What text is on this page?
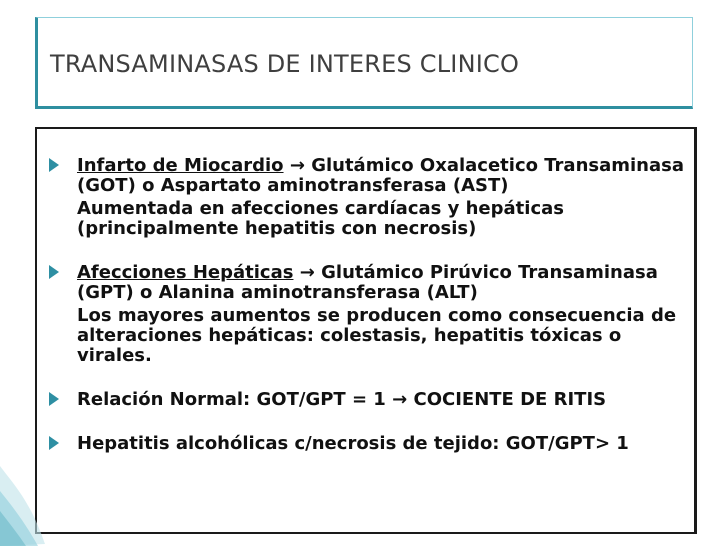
TRANSAMINASAS DE INTERES CLINICO
Infarto de Miocardio → Glutámico Oxalacetico Transaminasa (GOT) o Aspartato aminotransferasa (AST)
Aumentada en afecciones cardíacas y hepáticas (principalmente hepatitis con necrosis)
Afecciones Hepáticas → Glutámico Pirúvico Transaminasa (GPT) o Alanina aminotransferasa (ALT)
Los mayores aumentos se producen como consecuencia de alteraciones hepáticas: colestasis, hepatitis tóxicas o virales.
Relación Normal: GOT/GPT = 1 → COCIENTE DE RITIS
Hepatitis alcohólicas c/necrosis de tejido: GOT/GPT> 1
